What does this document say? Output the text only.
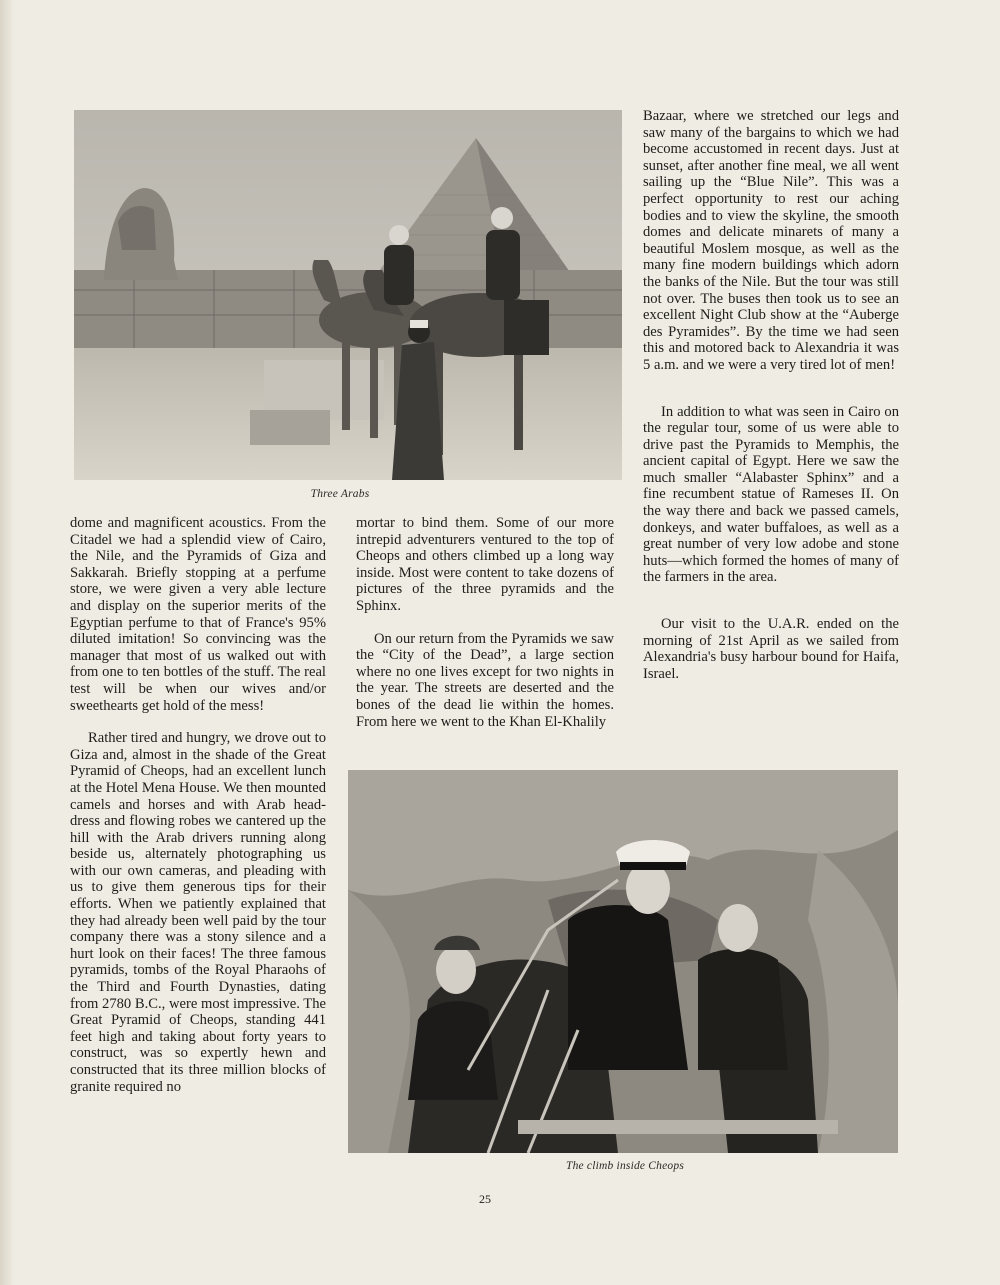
Three Arabs

dome and magnificent acoustics. From the Citadel we had a splendid view of Cairo, the Nile, and the Pyramids of Giza and Sakkarah. Briefly stopping at a perfume store, we were given a very able lecture and display on the superior merits of the Egyptian perfume to that of France's 95% diluted imitation! So convincing was the manager that most of us walked out with from one to ten bottles of the stuff. The real test will be when our wives and/or sweethearts get hold of the mess!

Rather tired and hungry, we drove out to Giza and, almost in the shade of the Great Pyramid of Cheops, had an excellent lunch at the Hotel Mena House. We then mounted camels and horses and with Arab head-dress and flowing robes we cantered up the hill with the Arab drivers running along beside us, alternately photographing us with our own cameras, and pleading with us to give them generous tips for their efforts. When we patiently explained that they had already been well paid by the tour company there was a stony silence and a hurt look on their faces! The three famous pyramids, tombs of the Royal Pharaohs of the Third and Fourth Dynasties, dating from 2780 B.C., were most impressive. The Great Pyramid of Cheops, standing 441 feet high and taking about forty years to construct, was so expertly hewn and constructed that its three million blocks of granite required no

mortar to bind them. Some of our more intrepid adventurers ventured to the top of Cheops and others climbed up a long way inside. Most were content to take dozens of pictures of the three pyramids and the Sphinx.

On our return from the Pyramids we saw the “City of the Dead”, a large section where no one lives except for two nights in the year. The streets are deserted and the bones of the dead lie within the homes. From here we went to the Khan El-Khalily

Bazaar, where we stretched our legs and saw many of the bargains to which we had become accustomed in recent days. Just at sunset, after another fine meal, we all went sailing up the “Blue Nile”. This was a perfect opportunity to rest our aching bodies and to view the skyline, the smooth domes and delicate minarets of many a beautiful Moslem mosque, as well as the many fine modern buildings which adorn the banks of the Nile. But the tour was still not over. The buses then took us to see an excellent Night Club show at the “Auberge des Pyramides”. By the time we had seen this and motored back to Alexandria it was 5 a.m. and we were a very tired lot of men!

In addition to what was seen in Cairo on the regular tour, some of us were able to drive past the Pyramids to Memphis, the ancient capital of Egypt. Here we saw the much smaller “Alabaster Sphinx” and a fine recumbent statue of Rameses II. On the way there and back we passed camels, donkeys, and water buffaloes, as well as a great number of very low adobe and stone huts—which formed the homes of many of the farmers in the area.

Our visit to the U.A.R. ended on the morning of 21st April as we sailed from Alexandria's busy harbour bound for Haifa, Israel.

The climb inside Cheops
25
